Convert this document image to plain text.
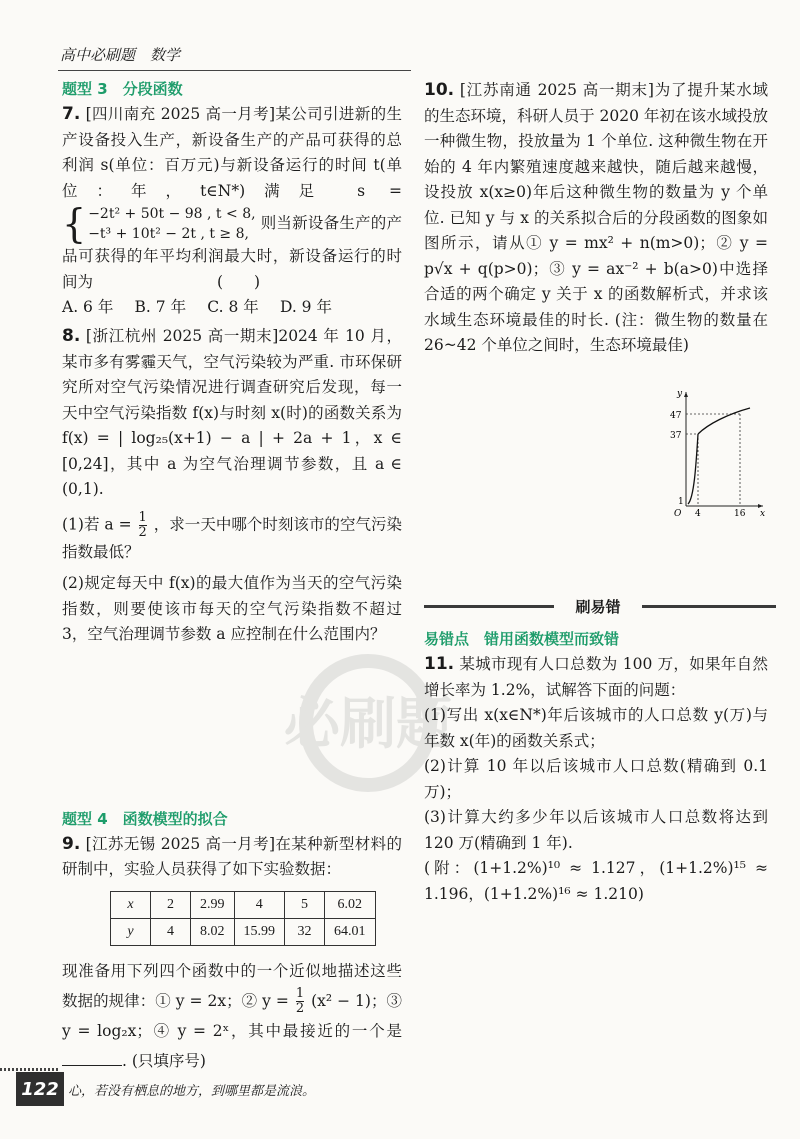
高中必刷题　数学
题型 3　分段函数
7. [四川南充 2025 高一月考]某公司引进新的生产设备投入生产，新设备生产的产品可获得的总利润 s(单位：百万元)与新设备运行的时间 t(单位：年，t∈N*)满足 s =
{ −2t² + 50t − 98 , t < 8,
−t³ + 10t² − 2t , t ≥ 8,
则当新设备生产的产品可获得的年平均利润最大时，新设备运行的时间为　　　　　　　　(　　)
A. 6 年 B. 7 年 C. 8 年 D. 9 年
8. [浙江杭州 2025 高一期末]2024 年 10 月，某市多有雾霾天气，空气污染较为严重. 市环保研究所对空气污染情况进行调查研究后发现，每一天中空气污染指数 f(x)与时刻 x(时)的函数关系为 f(x) = | log₂₅(x+1) − a | + 2a + 1，x ∈ [0,24]，其中 a 为空气治理调节参数，且 a ∈ (0,1).
(1)若 $a = \frac{1}{2}$ ，求一天中哪个时刻该市的空气污染指数最低？
(2)规定每天中 f(x)的最大值作为当天的空气污染指数，则要使该市每天的空气污染指数不超过 3，空气治理调节参数 a 应控制在什么范围内？
题型 4　函数模型的拟合
9. [江苏无锡 2025 高一月考]在某种新型材料的研制中，实验人员获得了如下实验数据：
x	2	2.99	4	5	6.02
y	4	8.02	15.99	32	64.01
现准备用下列四个函数中的一个近似地描述这些数据的规律：① y = 2x；② $y = \frac{1}{2} (x^2 - 1)$；③ y = log₂x；④ y = 2ˣ，其中最接近的一个是 . (只填序号)
10. [江苏南通 2025 高一期末]为了提升某水域的生态环境，科研人员于 2020 年初在该水域投放一种微生物，投放量为 1 个单位. 这种微生物在开始的 4 年内繁殖速度越来越快，随后越来越慢，设投放 x(x≥0)年后这种微生物的数量为 y 个单位. 已知 y 与 x 的关系拟合后的分段函数的图象如图所示，请从① y = mx² + n(m>0)；② y = p√x + q(p>0)；③ y = ax⁻² + b(a>0)中选择合适的两个确定 y 关于 x 的函数解析式，并求该水域生态环境最佳的时长. (注：微生物的数量在 26~42 个单位之间时，生态环境最佳)
y
x
O
47
37
1
4	16
刷易错
易错点　错用函数模型而致错
必刷题
11. 某城市现有人口总数为 100 万，如果年自然增长率为 1.2%，试解答下面的问题：
(1)写出 x(x∈N*)年后该城市的人口总数 y(万)与年数 x(年)的函数关系式；
(2)计算 10 年以后该城市人口总数(精确到 0.1 万)；
(3)计算大约多少年以后该城市人口总数将达到 120 万(精确到 1 年).
(附：(1+1.2%)¹⁰ ≈ 1.127，(1+1.2%)¹⁵ ≈ 1.196，(1+1.2%)¹⁶ ≈ 1.210)
122 心，若没有栖息的地方，到哪里都是流浪。
